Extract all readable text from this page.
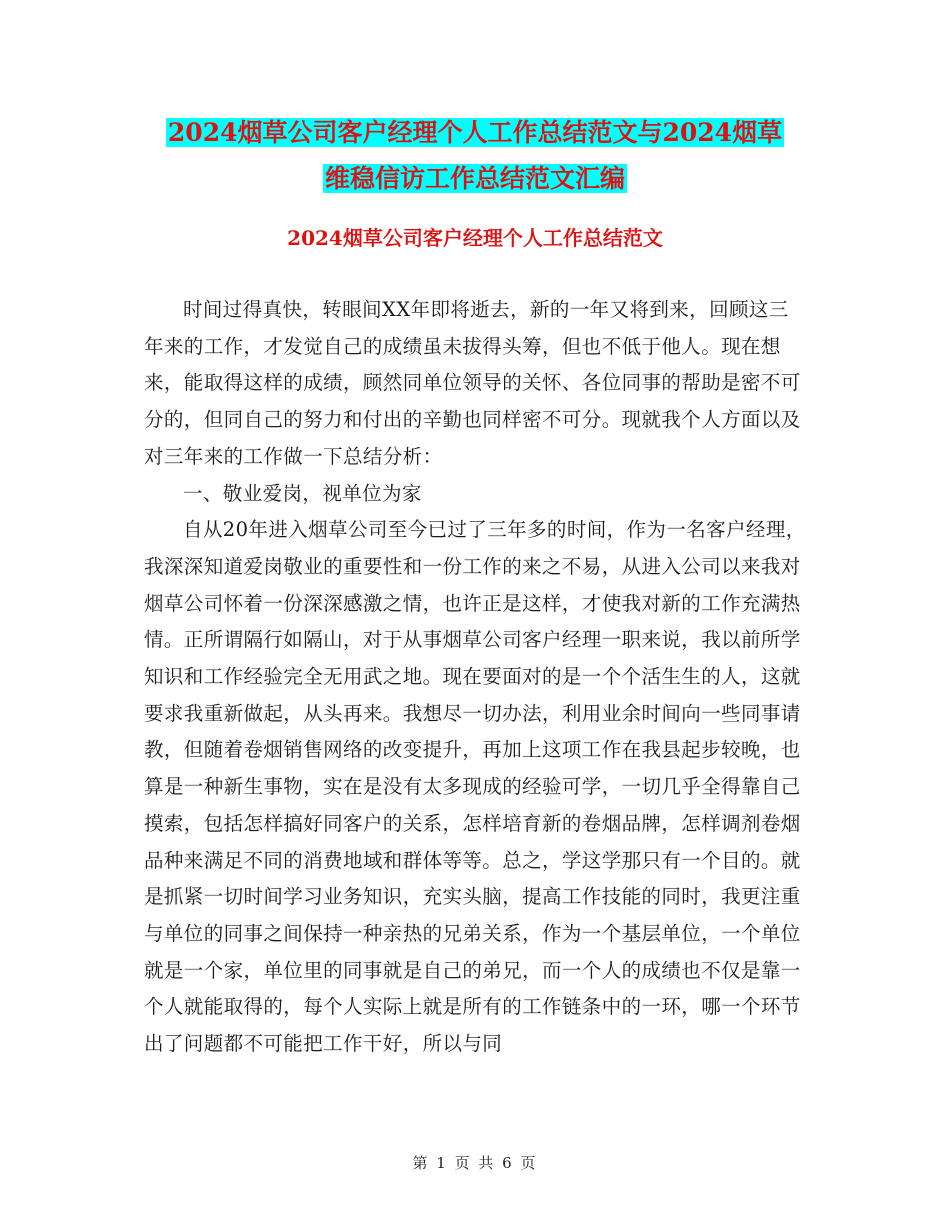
2024烟草公司客户经理个人工作总结范文与2024烟草
维稳信访工作总结范文汇编
2024烟草公司客户经理个人工作总结范文

时间过得真快，转眼间XX年即将逝去，新的一年又将到来，回顾这三年来的工作，才发觉自己的成绩虽未拔得头筹，但也不低于他人。现在想来，能取得这样的成绩，顾然同单位领导的关怀、各位同事的帮助是密不可分的，但同自己的努力和付出的辛勤也同样密不可分。现就我个人方面以及对三年来的工作做一下总结分析：

一、敬业爱岗，视单位为家

自从20年进入烟草公司至今已过了三年多的时间，作为一名客户经理，我深深知道爱岗敬业的重要性和一份工作的来之不易，从进入公司以来我对烟草公司怀着一份深深感激之情，也许正是这样，才使我对新的工作充满热情。正所谓隔行如隔山，对于从事烟草公司客户经理一职来说，我以前所学知识和工作经验完全无用武之地。现在要面对的是一个个活生生的人，这就要求我重新做起，从头再来。我想尽一切办法，利用业余时间向一些同事请教，但随着卷烟销售网络的改变提升，再加上这项工作在我县起步较晚，也算是一种新生事物，实在是没有太多现成的经验可学，一切几乎全得靠自己摸索，包括怎样搞好同客户的关系，怎样培育新的卷烟品牌，怎样调剂卷烟品种来满足不同的消费地域和群体等等。总之，学这学那只有一个目的。就是抓紧一切时间学习业务知识，充实头脑，提高工作技能的同时，我更注重与单位的同事之间保持一种亲热的兄弟关系，作为一个基层单位，一个单位就是一个家，单位里的同事就是自己的弟兄，而一个人的成绩也不仅是靠一个人就能取得的，每个人实际上就是所有的工作链条中的一环，哪一个环节出了问题都不可能把工作干好，所以与同

第 1 页 共 6 页
